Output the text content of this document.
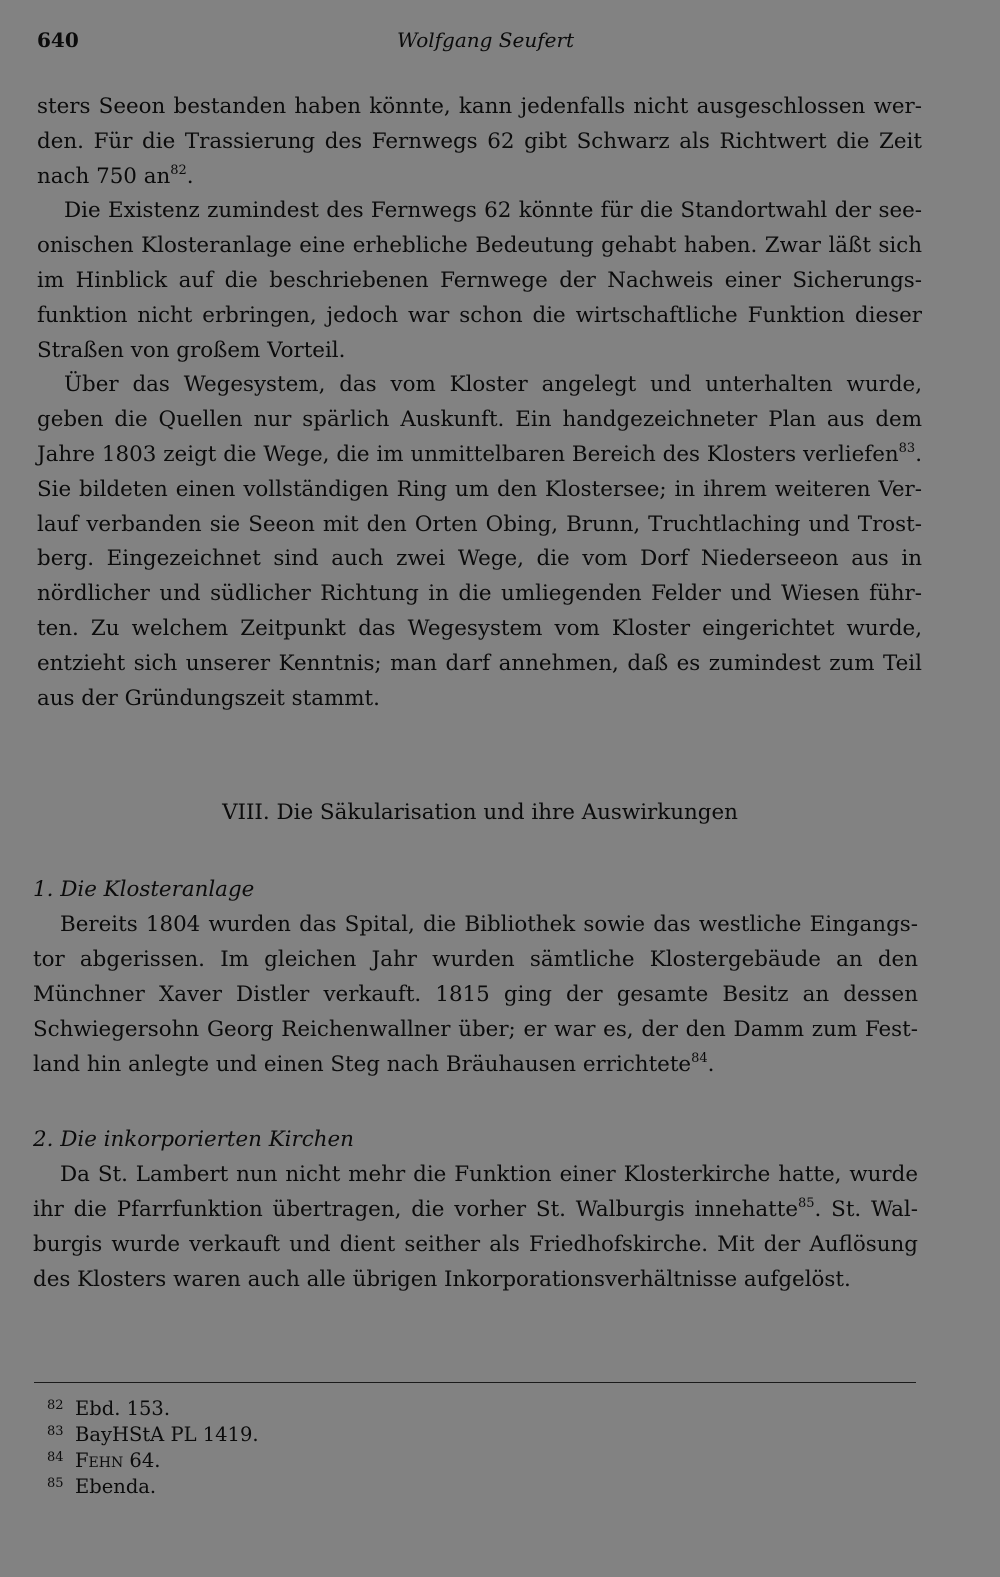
640	Wolfgang Seufert

sters Seeon bestanden haben könnte, kann jedenfalls nicht ausgeschlossen werden. Für die Trassierung des Fernwegs 62 gibt Schwarz als Richtwert die Zeit nach 750 $an^{82}$.

Die Existenz zumindest des Fernwegs 62 könnte für die Standortwahl der seeonischen Klosteranlage eine erhebliche Bedeutung gehabt haben. Zwar läßt sich im Hinblick auf die beschriebenen Fernwege der Nachweis einer Sicherungsfunktion nicht erbringen, jedoch war schon die wirtschaftliche Funktion dieser Straßen von großem Vorteil.

Über das Wegesystem, das vom Kloster angelegt und unterhalten wurde, geben die Quellen nur spärlich Auskunft. Ein handgezeichneter Plan aus dem Jahre 1803 zeigt die Wege, die im unmittelbaren Bereich des Klosters verliefen$^{83}$. Sie bildeten einen vollständigen Ring um den Klostersee; in ihrem weiteren Verlauf verbanden sie Seeon mit den Orten Obing, Brunn, Truchtlaching und Trostberg. Eingezeichnet sind auch zwei Wege, die vom Dorf Niederseeon aus in nördlicher und südlicher Richtung in die umliegenden Felder und Wiesen führten. Zu welchem Zeitpunkt das Wegesystem vom Kloster eingerichtet wurde, entzieht sich unserer Kenntnis; man darf annehmen, daß es zumindest zum Teil aus der Gründungszeit stammt.

VIII. Die Säkularisation und ihre Auswirkungen
1. Die Klosteranlage

Bereits 1804 wurden das Spital, die Bibliothek sowie das westliche Eingangstor abgerissen. Im gleichen Jahr wurden sämtliche Klostergebäude an den Münchner Xaver Distler verkauft. 1815 ging der gesamte Besitz an dessen Schwiegersohn Georg Reichenwallner über; er war es, der den Damm zum Festland hin anlegte und einen Steg nach Bräuhausen errichtete$^{84}$.

2. Die inkorporierten Kirchen

Da St. Lambert nun nicht mehr die Funktion einer Klosterkirche hatte, wurde ihr die Pfarrfunktion übertragen, die vorher St. Walburgis innehatte$^{85}$. St. Walburgis wurde verkauft und dient seither als Friedhofskirche. Mit der Auflösung des Klosters waren auch alle übrigen Inkorporationsverhältnisse aufgelöst.

82 Ebd. 153.
83 BayHStA PL 1419.
84 Fehn 64.
85 Ebenda.
